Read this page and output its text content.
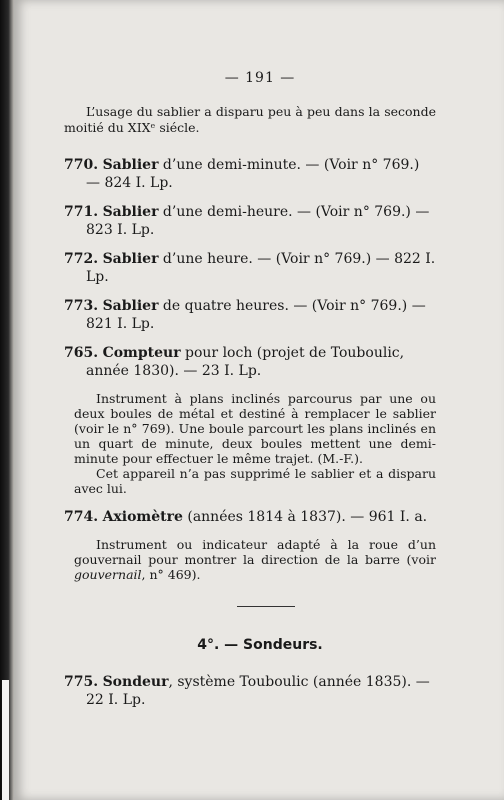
— 191 —

L’usage du sablier a disparu peu à peu dans la seconde moitié du XIXᵉ siécle.

770. Sablier d’une demi-minute. — (Voir n° 769.) — 824 I. Lp.

771. Sablier d’une demi-heure. — (Voir n° 769.) — 823 I. Lp.

772. Sablier d’une heure. — (Voir n° 769.) — 822 I. Lp.

773. Sablier de quatre heures. — (Voir n° 769.) — 821 I. Lp.

765. Compteur pour loch (projet de Touboulic, année 1830). — 23 I. Lp.

Instrument à plans inclinés parcourus par une ou deux boules de métal et destiné à remplacer le sablier (voir le n° 769). Une boule parcourt les plans inclinés en un quart de minute, deux boules mettent une demi-minute pour effectuer le même trajet. (M.-F.).

Cet appareil n’a pas supprimé le sablier et a disparu avec lui.

774. Axiomètre (années 1814 à 1837). — 961 I. a.

Instrument ou indicateur adapté à la roue d’un gouvernail pour montrer la direction de la barre (voir gouvernail, n° 469).

4°. — Sondeurs.

775. Sondeur, système Touboulic (année 1835). — 22 I. Lp.
